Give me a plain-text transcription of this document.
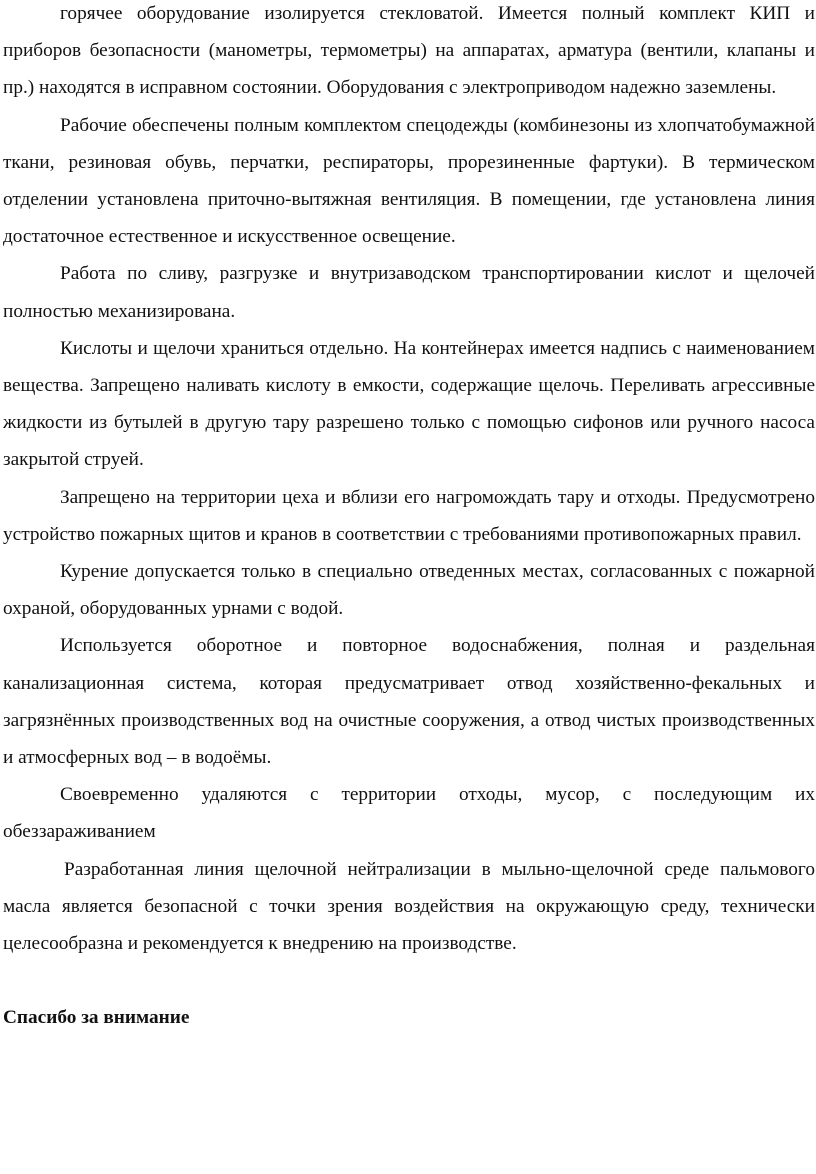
горячее оборудование изолируется стекловатой. Имеется полный комплект КИП и приборов безопасности (манометры, термометры) на аппаратах, арматура (вентили, клапаны и пр.) находятся в исправном состоянии. Оборудования с электроприводом надежно заземлены.

Рабочие обеспечены полным комплектом спецодежды (комбинезоны из хлопчатобумажной ткани, резиновая обувь, перчатки, респираторы, прорезиненные фартуки). В термическом отделении установлена приточно-вытяжная вентиляция. В помещении, где установлена линия достаточное естественное и искусственное освещение.

Работа по сливу, разгрузке и внутризаводском транспортировании кислот и щелочей полностью механизирована.

Кислоты и щелочи храниться отдельно. На контейнерах имеется надпись с наименованием вещества. Запрещено наливать кислоту в емкости, содержащие щелочь. Переливать агрессивные жидкости из бутылей в другую тару разрешено только с помощью сифонов или ручного насоса закрытой струей.

Запрещено на территории цеха и вблизи его нагромождать тару и отходы. Предусмотрено устройство пожарных щитов и кранов в соответствии с требованиями противопожарных правил.

Курение допускается только в специально отведенных местах, согласованных с пожарной охраной, оборудованных урнами с водой.

Используется оборотное и повторное водоснабжения, полная и раздельная канализационная система, которая предусматривает отвод хозяйственно-фекальных и загрязнённых производственных вод на очистные сооружения, а отвод чистых производственных и атмосферных вод – в водоёмы.

Своевременно удаляются с территории отходы, мусор, с последующим их обеззараживанием

Разработанная линия щелочной нейтрализации в мыльно-щелочной среде пальмового масла является безопасной с точки зрения воздействия на окружающую среду, технически целесообразна и рекомендуется к внедрению на производстве.

Спасибо за внимание
